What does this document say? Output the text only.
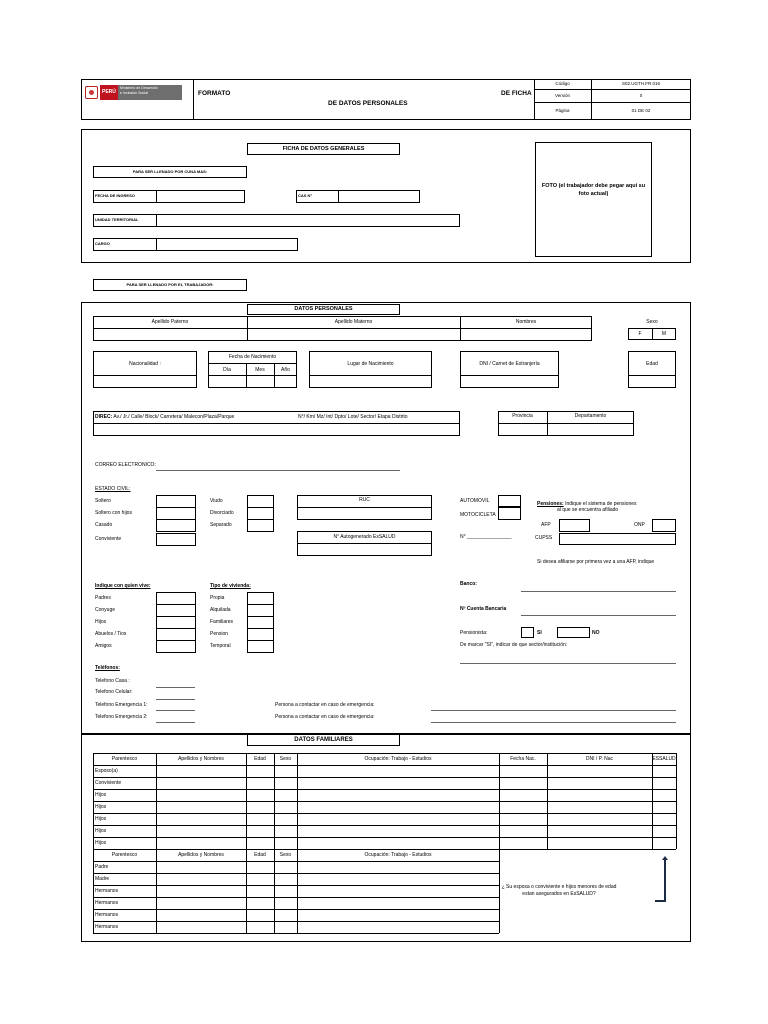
PERÚ
Ministerio de Desarrollo
e Inclusión Social	FORMATO	DE FICHA
DE DATOS PERSONALES
Código	S02.UGTH.FR.016
Versión	0
Página	01 DE 02
FICHA DE DATOS GENERALES
PARA SER LLENADO POR CUNA MAS:
FECHA DE INGRESO	CAS N°
UNIDAD TERRITORIAL
CARGO
FOTO (el trabajador debe pegar aquí su foto actual)
PARA SER LLENADO POR EL TRABAJADOR:
DATOS PERSONALES
Apellido Paterno	Apellido Materno	Nombres	Sexo
F	M
Nacionalidad :
Fecha de Nacimiento
Día	Mes	Año
Lugar de Nacimiento	DNI / Carnet de Extranjería	Edad
DIREC: Av./ Jr./ Calle/ Block/ Carretera/ Malecon/Plaza/Parque	N°/ Km/ Mz/ Int/ Dpto/ Lote/ Sector/ Etapa Distrito	Provincia	Departamento
CORREO ELECTRONICO:
ESTADO CIVIL:
Soltero
Soltero con hijos
Casado
Conviviente
Viudo
Divorciado
Separado
RUC
N° Autogenerado EsSALUD
AUTOMOVIL
MOTOCICLETA
N° ________________
Pensiones: Indique el sistema de pensiones
al que se encuentra afiliado
AFP	ONP
CUPSS
Si desea afiliarse por primera vez a una AFP, indique
Indique con quien vive:	Tipo de vivienda:
Padres
Conyuge
Hijos
Abuelos / Tios
Amigos
Propia
Alquilada
Familiares
Pension
Temporal
Banco:
Nº Cuenta Bancaria
Pensionista:	SI	NO
De marcar "SI", indicar de que sector/institución:
Teléfonos:
Telefono Casa :
Telefono Celular:
Telefono Emergencia 1:
Telefono Emergencia 2:
Persona a contactar en caso de emergencia:
Persona a contactar en caso de emergencia:
DATOS FAMILIARES
Parentesco	Apellidos y Nombres	Edad	Sexo	Ocupación: Trabajo - Estudios	Fecha Nac.	DNI / P. Nac	ESSALUD
Esposo(a)
Conviviente
Hijos
Hijos
Hijos
Hijos
Hijos
Parentesco	Apellidos y Nombres	Edad	Sexo	Ocupación: Trabajo - Estudios
Padre
Madre
Hermanos
Hermanos
Hermanos
Hermanos
¿ Su esposa o conviviente e hijos menores de edad estan asegurados en EsSALUD?
